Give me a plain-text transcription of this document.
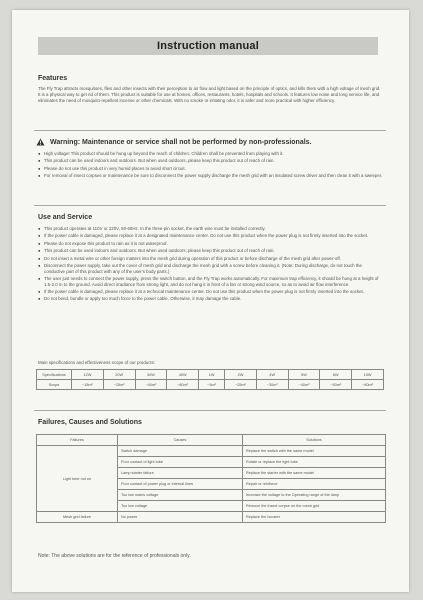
Instruction manual
Features
The Fly Trap attracts mosquitoes, flies and other insects with their perception to air flow and light based on the principle of optics, and kills them with a high voltage of mesh grid. It is a physical way to get rid of them. This product is suitable for use at homes, offices, restaurants, hotels, hospitals and schools. It features low noise and long service life, and eliminates the need of mosquito-repellent incense or other chemicals. With no smoke or irritating odor, it is safer and more practical with higher efficiency.
Warning: Maintenance or service shall not be performed by non-professionals.
● High voltage! This product should be hung up beyond the reach of children. Children shall be prevented from playing with it.
● This product can be used indoors and outdoors. But when used outdoors, please keep this product out of reach of rain.
● Please do not use this product in very humid places to avoid short circuit.
● For removal of insect corpses or maintenance be sure to disconnect the power supply discharge the mesh grid with an insulated screw driver and then clean it with a sweeper.
Use and Service
● This product operates at 110V or 220V, 50-60Hz. In the three-pin socket, the earth wire must be installed correctly.
● If the power cable is damaged, please replace it at a designated maintenance center. Do not use this product when the power plug is not firmly inserted into the socket.
● Please do not expose this product to rain as it is not waterproof.
● This product can be used indoors and outdoors. But when used outdoors, please keep this product out of reach of rain.
● Do not insert a metal wire or other foreign matters into the mesh grid during operation of this product or before discharge of the mesh grid after power-off.
● Disconnect the power supply, take out the cover of mesh grid and discharge the mesh grid with a screw before cleaning it. (Note: During discharge, do not touch the conductive part of this product with any of the user's body parts.)
● The user just needs to connect the power supply, press the switch button, and the Fly Trap works automatically. For maximum trap efficiency, it should be hung at a height of 1.5-2.0 m to the ground. Avoid direct irradiance from strong light, and do not hang it in front of a fan or strong wind source, so as to avoid air flow interference.
● If the power cable is damaged, please replace it at a technical maintenance center. Do not use this product when the power plug is not firmly inserted into the socket.
● Do not bend, bundle or apply too much force to the power cable. Otherwise, it may damage the cable.
Main specifications and effectiveness scope of our products:
Specifications	12W	20W	30W	40W	1W	2W	4W	5W	8W	15W
Scope	~15m²	~25m²	~40m²	~80m²	~5m²	~25m²	~30m²	~40m²	~50m²	~80m²
Failures, Causes and Solutions
Failures	Causes	Solutions
Light tube not on	Switch damage	Replace the switch with the same model
	Poor contact of light tube	Rotate or replace the light tube
	Lamp starter failure	Replace the starter with the same model
	Poor contact of power plug or internal lines	Repair or reinforce
	Too low mains voltage	Increase the voltage to the Operating range of the lamp
	Too low voltage	Remove the insect corpse on the mesh grid
Mesh grid failure	No power	Replace the booster
Note: The above solutions are for the reference of professionals only.
